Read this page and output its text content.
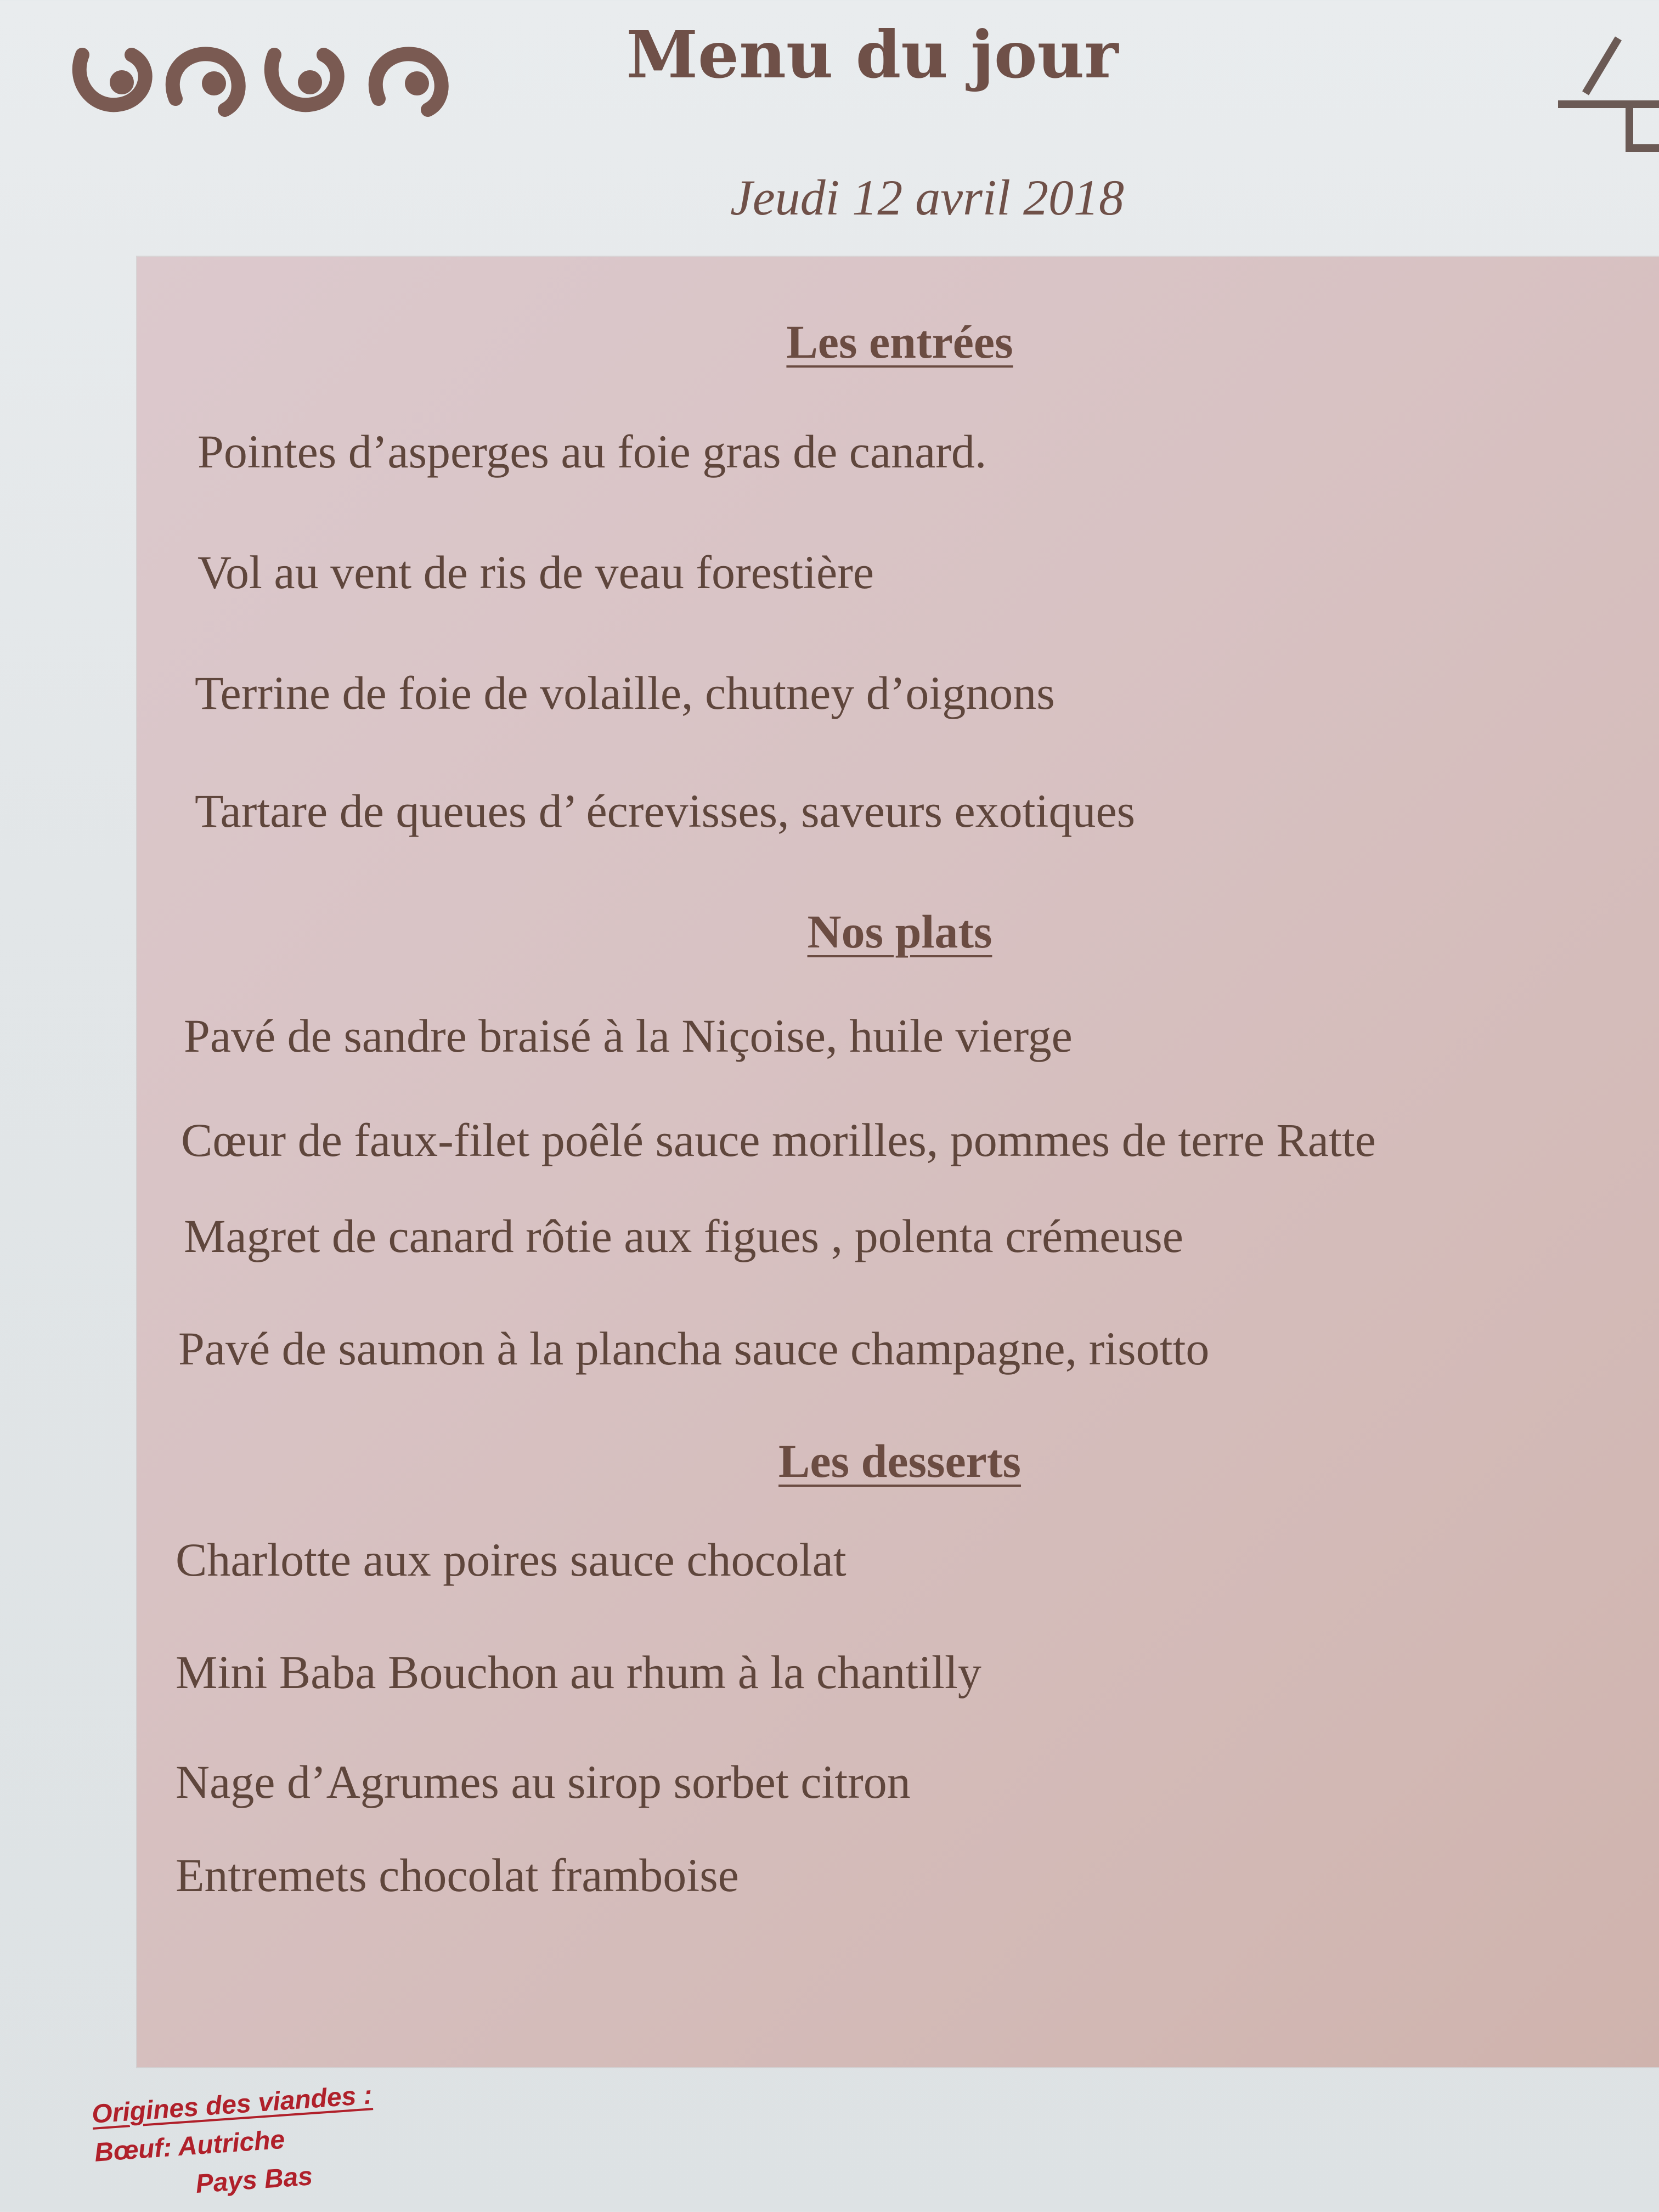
Menu du jour
Jeudi 12 avril 2018
Les entrées
Pointes d’asperges au foie gras de canard.
Vol au vent de ris de veau forestière
Terrine de foie de volaille, chutney d’oignons
Tartare de queues d’ écrevisses, saveurs exotiques
Nos plats
Pavé de sandre braisé à la Niçoise, huile vierge
Cœur de faux-filet poêlé sauce morilles, pommes de terre Ratte
Magret de canard rôtie aux figues , polenta crémeuse
Pavé de saumon à la plancha sauce champagne, risotto
Les desserts
Charlotte aux poires sauce chocolat
Mini Baba Bouchon au rhum à la chantilly
Nage d’Agrumes au sirop sorbet citron
Entremets chocolat framboise
Origines des viandes :
Bœuf: Autriche
Pays Bas
